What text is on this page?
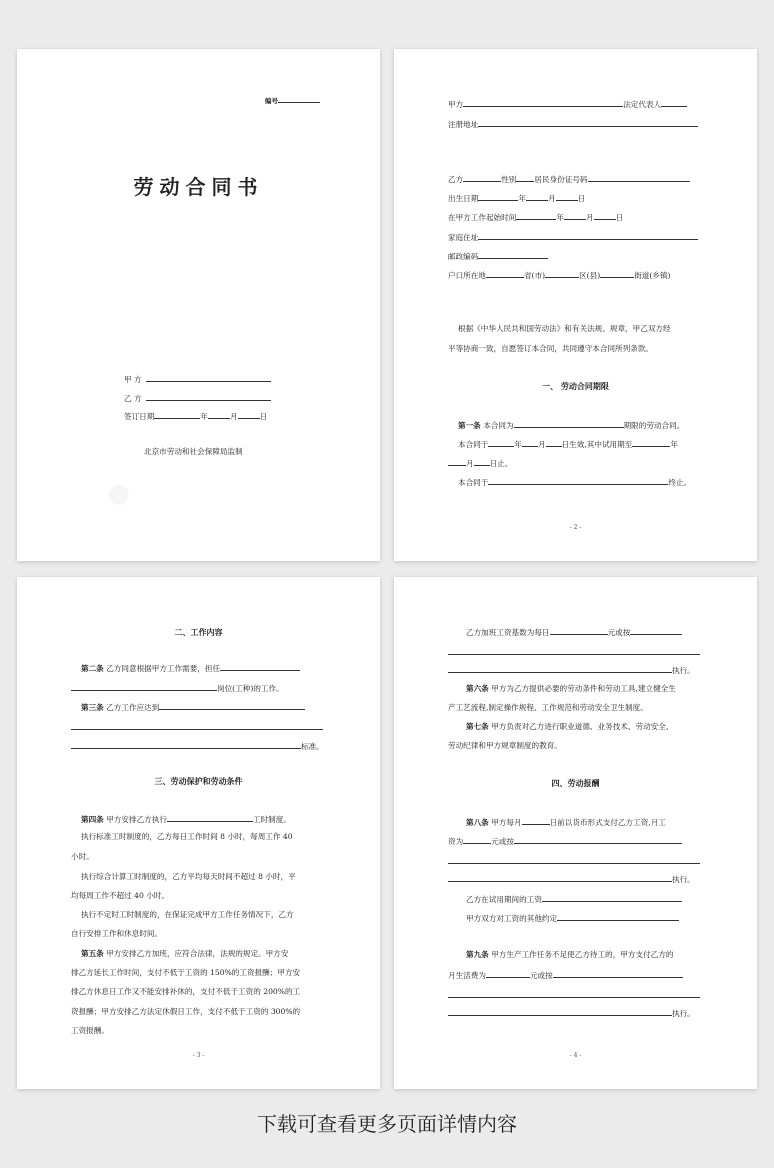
编号
劳动合同书
甲 方
乙 方
签订日期	年	月	日
北京市劳动和社会保障局监制
甲方	法定代表人
注册地址
乙方	性别 居民身份证号码
出生日期	年	月	日
在甲方工作起始时间	年	月	日
家庭住址
邮政编码
户口所在地	省(市)	区(县)	街道(乡镇)
根据《中华人民共和国劳动法》和有关法规、规章，甲乙双方经
平等协商一致，自愿签订本合同，共同遵守本合同所列条款。
一、 劳动合同期限
第一条 本合同为	期限的劳动合同。
本合同于	年 月 日生效,其中试用期至	年
月 日止。
本合同于	终止。
- 2 -
二、工作内容
第二条 乙方同意根据甲方工作需要，担任
岗位(工种)的工作。
第三条 乙方工作应达到
标准。
三、劳动保护和劳动条件
第四条 甲方安排乙方执行	工时制度。
执行标准工时制度的，乙方每日工作时间 8 小时，每周工作 40
小时。
执行综合计算工时制度的，乙方平均每天时间不超过 8 小时，平
均每周工作不超过 40 小时。
执行不定时工时制度的，在保证完成甲方工作任务情况下，乙方
自行安排工作和休息时间。
第五条 甲方安排乙方加班，应符合法律，法规的规定。甲方安
排乙方延长工作时间，支付不低于工资的 150%的工资报酬；甲方安
排乙方休息日工作又不能安排补休的，支付不低于工资的 200%的工
资报酬；甲方安排乙方法定休假日工作，支付不低于工资的 300%的
工资报酬。
- 3 -
乙方加班工资基数为每日	元或按
执行。
第六条 甲方为乙方提供必要的劳动条件和劳动工具,建立健全生
产工艺流程,制定操作规程、工作规范和劳动安全卫生制度。
第七条 甲方负责对乙方进行职业道德、业务技术、劳动安全、
劳动纪律和甲方规章制度的教育。
四、劳动报酬
第八条 甲方每月	日前以货币形式支付乙方工资,月工
资为	元或按
执行。
乙方在试用期间的工资
甲方双方对工资的其他约定
第九条 甲方生产工作任务不足使乙方待工的，甲方支付乙方的
月生活费为	元或按
执行。
- 4 -
下载可查看更多页面详情内容
